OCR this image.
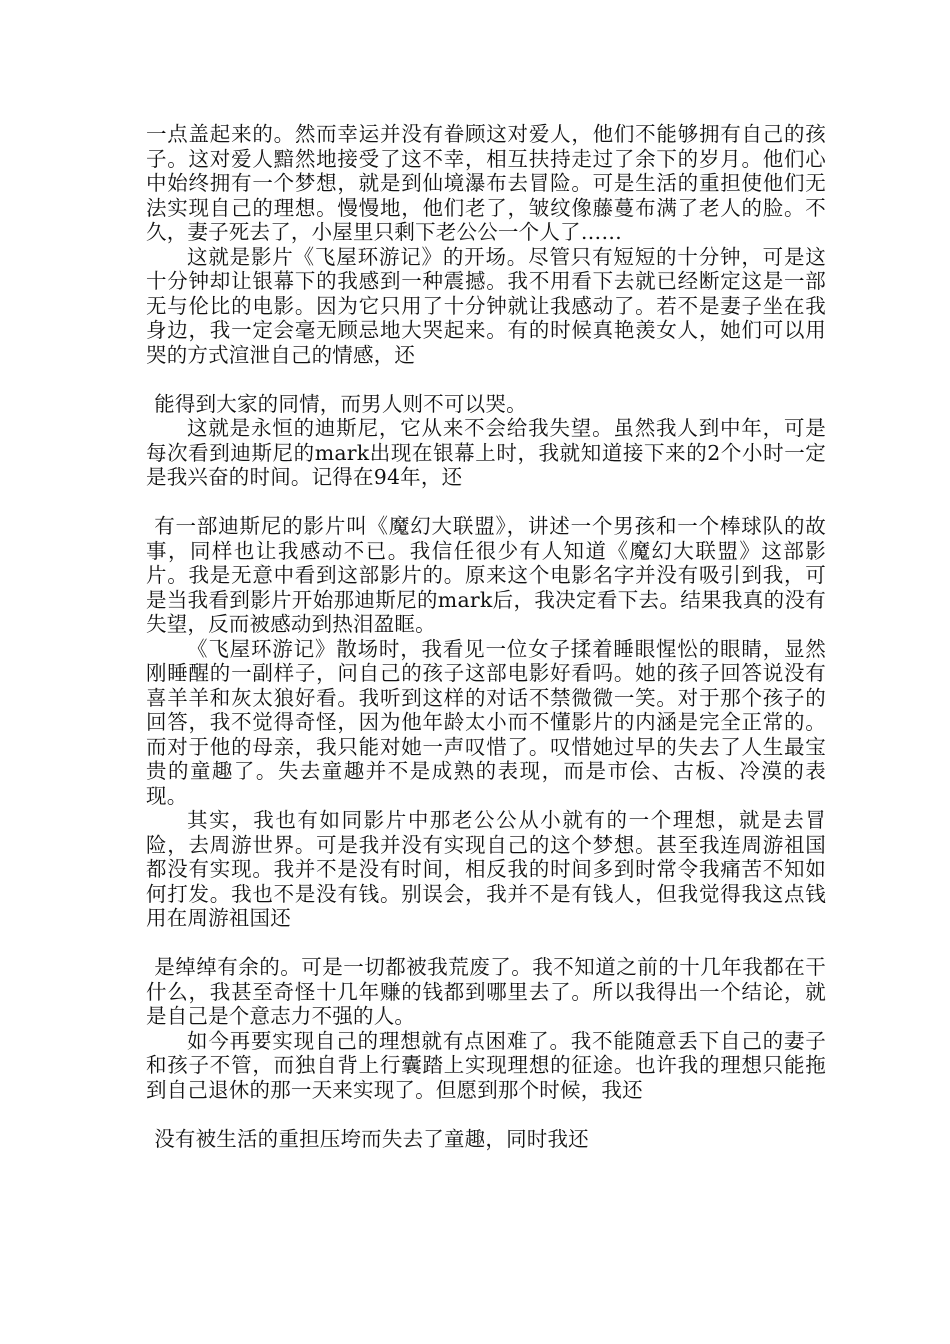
一点盖起来的。然而幸运并没有眷顾这对爱人，他们不能够拥有自己的孩子。这对爱人黯然地接受了这不幸，相互扶持走过了余下的岁月。他们心中始终拥有一个梦想，就是到仙境瀑布去冒险。可是生活的重担使他们无法实现自己的理想。慢慢地，他们老了，皱纹像藤蔓布满了老人的脸。不久，妻子死去了，小屋里只剩下老公公一个人了……

这就是影片《飞屋环游记》的开场。尽管只有短短的十分钟，可是这十分钟却让银幕下的我感到一种震撼。我不用看下去就已经断定这是一部无与伦比的电影。因为它只用了十分钟就让我感动了。若不是妻子坐在我身边，我一定会毫无顾忌地大哭起来。有的时候真艳羡女人，她们可以用哭的方式渲泄自己的情感，还

能得到大家的同情，而男人则不可以哭。

这就是永恒的迪斯尼，它从来不会给我失望。虽然我人到中年，可是每次看到迪斯尼的mark出现在银幕上时，我就知道接下来的2个小时一定是我兴奋的时间。记得在94年，还

有一部迪斯尼的影片叫《魔幻大联盟》，讲述一个男孩和一个棒球队的故事，同样也让我感动不已。我信任很少有人知道《魔幻大联盟》这部影片。我是无意中看到这部影片的。原来这个电影名字并没有吸引到我，可是当我看到影片开始那迪斯尼的mark后，我决定看下去。结果我真的没有失望，反而被感动到热泪盈眶。

《飞屋环游记》散场时，我看见一位女子揉着睡眼惺忪的眼睛，显然刚睡醒的一副样子，问自己的孩子这部电影好看吗。她的孩子回答说没有喜羊羊和灰太狼好看。我听到这样的对话不禁微微一笑。对于那个孩子的回答，我不觉得奇怪，因为他年龄太小而不懂影片的内涵是完全正常的。而对于他的母亲，我只能对她一声叹惜了。叹惜她过早的失去了人生最宝贵的童趣了。失去童趣并不是成熟的表现，而是市侩、古板、冷漠的表现。

其实，我也有如同影片中那老公公从小就有的一个理想，就是去冒险，去周游世界。可是我并没有实现自己的这个梦想。甚至我连周游祖国都没有实现。我并不是没有时间，相反我的时间多到时常令我痛苦不知如何打发。我也不是没有钱。别误会，我并不是有钱人，但我觉得我这点钱用在周游祖国还

是绰绰有余的。可是一切都被我荒废了。我不知道之前的十几年我都在干什么，我甚至奇怪十几年赚的钱都到哪里去了。所以我得出一个结论，就是自己是个意志力不强的人。

如今再要实现自己的理想就有点困难了。我不能随意丢下自己的妻子和孩子不管，而独自背上行囊踏上实现理想的征途。也许我的理想只能拖到自己退休的那一天来实现了。但愿到那个时候，我还

没有被生活的重担压垮而失去了童趣，同时我还
